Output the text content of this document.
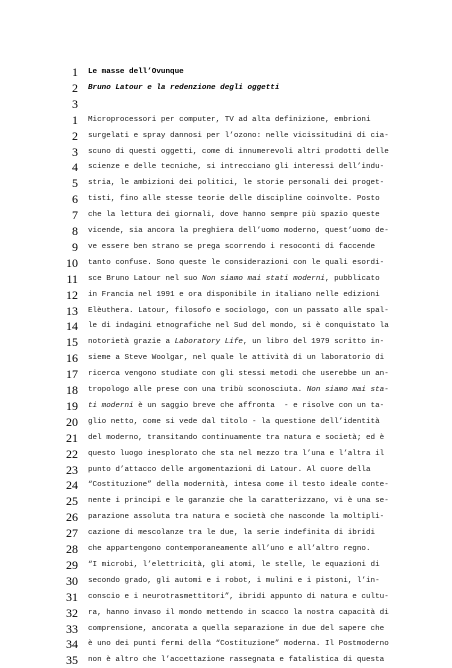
1 Le masse dell’Ovunque
2 Bruno Latour e la redenzione degli oggetti
3
1 Microprocessori per computer, TV ad alta definizione, embrioni
2 surgelati e spray dannosi per l’ozono: nelle vicissitudini di cia-
3 scuno di questi oggetti, come di innumerevoli altri prodotti delle
4 scienze e delle tecniche, si intrecciano gli interessi dell’indu-
5 stria, le ambizioni dei politici, le storie personali dei proget-
6 tisti, fino alle stesse teorie delle discipline coinvolte. Posto
7 che la lettura dei giornali, dove hanno sempre più spazio queste
8 vicende, sia ancora la preghiera dell’uomo moderno, quest’uomo de-
9 ve essere ben strano se prega scorrendo i resoconti di faccende
10 tanto confuse. Sono queste le considerazioni con le quali esordi-
11 sce Bruno Latour nel suo Non siamo mai stati moderni, pubblicato
12 in Francia nel 1991 e ora disponibile in italiano nelle edizioni
13 Elèuthera. Latour, filosofo e sociologo, con un passato alle spal-
14 le di indagini etnografiche nel Sud del mondo, si è conquistato la
15 notorietà grazie a Laboratory Life, un libro del 1979 scritto in-
16 sieme a Steve Woolgar, nel quale le attività di un laboratorio di
17 ricerca vengono studiate con gli stessi metodi che userebbe un an-
18 tropologo alle prese con una tribù sconosciuta. Non siamo mai sta-
19 ti moderni è un saggio breve che affronta  - e risolve con un ta-
20 glio netto, come si vede dal titolo - la questione dell’identità
21 del moderno, transitando continuamente tra natura e società; ed è
22 questo luogo inesplorato che sta nel mezzo tra l’una e l’altra il
23 punto d’attacco delle argomentazioni di Latour. Al cuore della
24 “Costituzione” della modernità, intesa come il testo ideale conte-
25 nente i principi e le garanzie che la caratterizzano, vi è una se-
26 parazione assoluta tra natura e società che nasconde la moltipli-
27 cazione di mescolanze tra le due, la serie indefinita di ibridi
28 che appartengono contemporaneamente all’uno e all’altro regno.
29 “I microbi, l’elettricità, gli atomi, le stelle, le equazioni di
30 secondo grado, gli automi e i robot, i mulini e i pistoni, l’in-
31 conscio e i neurotrasmettitori”, ibridi appunto di natura e cultu-
32 ra, hanno invaso il mondo mettendo in scacco la nostra capacità di
33 comprensione, ancorata a quella separazione in due del sapere che
34 è uno dei punti fermi della “Costituzione” moderna. Il Postmoderno
35 non è altro che l’accettazione rassegnata e fatalistica di questa
